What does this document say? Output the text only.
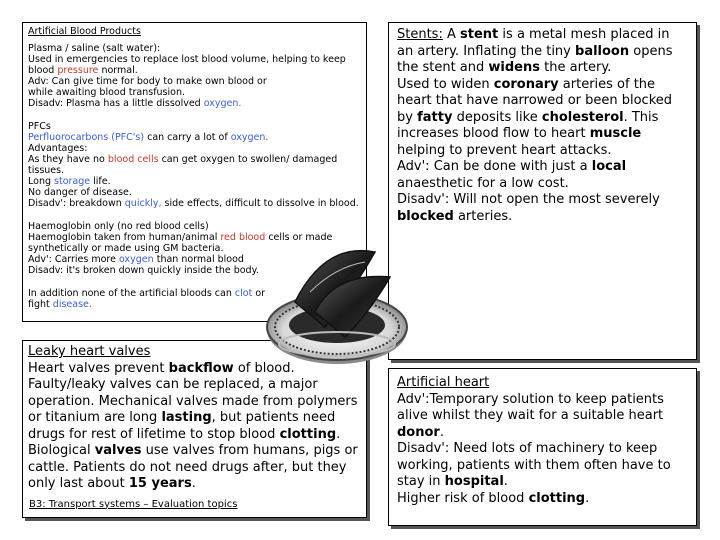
Artificial Blood Products

Plasma / saline (salt water):

Used in emergencies to replace lost blood volume, helping to keep blood pressure normal.

Adv: Can give time for body to make own blood or
while awaiting blood transfusion.

Disadv: Plasma has a little dissolved oxygen.

PFCs

Perfluorocarbons (PFC's) can carry a lot of oxygen.

Advantages:

As they have no blood cells can get oxygen to swollen/ damaged tissues.

Long storage life.

No danger of disease.

Disadv': breakdown quickly, side effects, difficult to dissolve in blood.

Haemoglobin only (no red blood cells)

Haemoglobin taken from human/animal red blood cells or made
synthetically or made using GM bacteria.

Adv': Carries more oxygen than normal blood

Disadv: it's broken down quickly inside the body.

In addition none of the artificial bloods can clot or
fight disease.

Stents: A stent is a metal mesh placed in an artery. Inflating the tiny balloon opens the stent and widens the artery.

Used to widen coronary arteries of the heart that have narrowed or been blocked by fatty deposits like cholesterol. This increases blood flow to heart muscle helping to prevent heart attacks.

Adv': Can be done with just a local anaesthetic for a low cost.

Disadv': Will not open the most severely blocked arteries.

Leaky heart valves

Heart valves prevent backflow of blood. Faulty/leaky valves can be replaced, a major operation. Mechanical valves made from polymers or titanium are long lasting, but patients need drugs for rest of lifetime to stop blood clotting. Biological valves use valves from humans, pigs or cattle. Patients do not need drugs after, but they only last about 15 years.

B3: Transport systems – Evaluation topics

Artificial heart

Adv':Temporary solution to keep patients alive whilst they wait for a suitable heart donor.

Disadv': Need lots of machinery to keep working, patients with them often have to stay in hospital.

Higher risk of blood clotting.
